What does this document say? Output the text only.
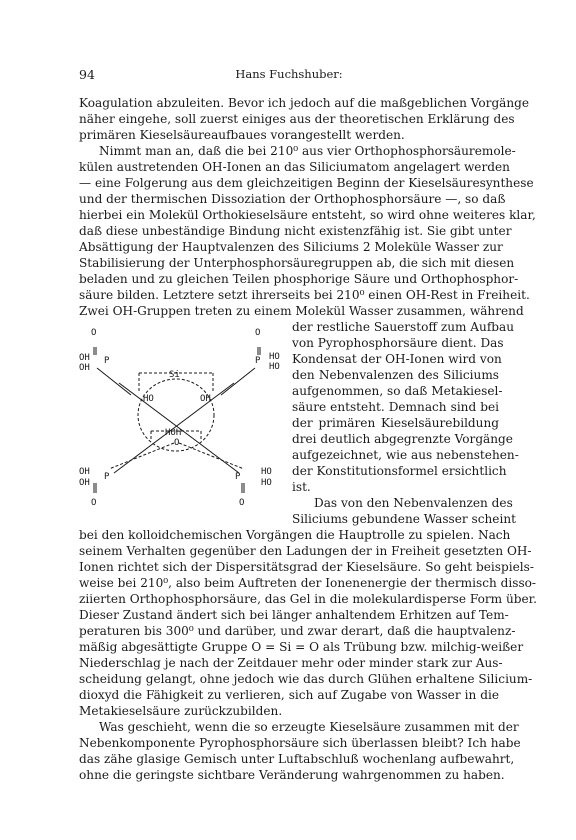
94	Hans Fuchshuber:
Koagulation abzuleiten. Bevor ich jedoch auf die maßgeblichen Vorgänge
näher eingehe, soll zuerst einiges aus der theoretischen Erklärung des
primären Kieselsäureaufbaues vorangestellt werden.
Nimmt man an, daß die bei 210⁰ aus vier Orthophosphorsäuremole-
külen austretenden OH-Ionen an das Siliciumatom angelagert werden
— eine Folgerung aus dem gleichzeitigen Beginn der Kieselsäuresynthese
und der thermischen Dissoziation der Orthophosphorsäure —, so daß
hierbei ein Molekül Orthokieselsäure entsteht, so wird ohne weiteres klar,
daß diese unbeständige Bindung nicht existenzfähig ist. Sie gibt unter
Absättigung der Hauptvalenzen des Siliciums 2 Moleküle Wasser zur
Stabilisierung der Unterphosphorsäuregruppen ab, die sich mit diesen
beladen und zu gleichen Teilen phosphorige Säure und Orthophosphor-
säure bilden. Letztere setzt ihrerseits bei 210⁰ einen OH-Rest in Freiheit.
Zwei OH-Gruppen treten zu einem Molekül Wasser zusammen, während
der restliche Sauerstoff zum Aufbau
von Pyrophosphorsäure dient. Das
Kondensat der OH-Ionen wird von
den Nebenvalenzen des Siliciums
aufgenommen, so daß Metakiesel-
säure entsteht. Demnach sind bei
der primären Kieselsäurebildung
drei deutlich abgegrenzte Vorgänge
aufgezeichnet, wie aus nebenstehen-
der Konstitutionsformel ersichtlich
ist.
Das von den Nebenvalenzen des
Siliciums gebundene Wasser scheint
bei den kolloidchemischen Vorgängen die Hauptrolle zu spielen. Nach
seinem Verhalten gegenüber den Ladungen der in Freiheit gesetzten OH-
Ionen richtet sich der Dispersitätsgrad der Kieselsäure. So geht beispiels-
weise bei 210⁰, also beim Auftreten der Ionenenergie der thermisch disso-
ziierten Orthophosphorsäure, das Gel in die molekulardisperse Form über.
Dieser Zustand ändert sich bei länger anhaltendem Erhitzen auf Tem-
peraturen bis 300⁰ und darüber, und zwar derart, daß die hauptvalenz-
mäßig abgesättigte Gruppe O = Si = O als Trübung bzw. milchig-weißer
Niederschlag je nach der Zeitdauer mehr oder minder stark zur Aus-
scheidung gelangt, ohne jedoch wie das durch Glühen erhaltene Silicium-
dioxyd die Fähigkeit zu verlieren, sich auf Zugabe von Wasser in die
Metakieselsäure zurückzubilden.
Was geschieht, wenn die so erzeugte Kieselsäure zusammen mit der
Nebenkomponente Pyrophosphorsäure sich überlassen bleibt? Ich habe
das zähe glasige Gemisch unter Luftabschluß wochenlang aufbewahrt,
ohne die geringste sichtbare Veränderung wahrgenommen zu haben.
O	O
OH
OH
P	P HO
HO
Si
HO	OH
HOH
O
OH
OH
P	P HO
HO
O	O
